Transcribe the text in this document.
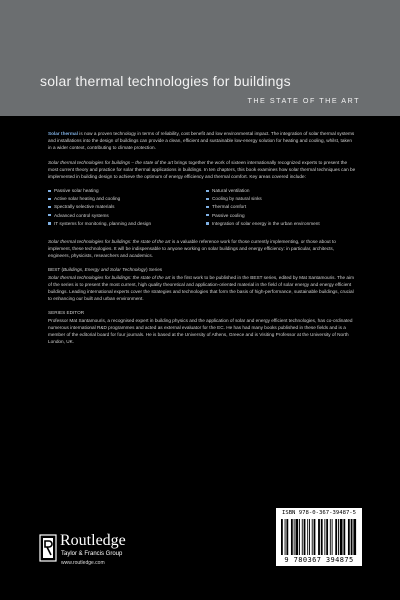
solar thermal technologies for buildings
THE STATE OF THE ART

Solar thermal is now a proven technology in terms of reliability, cost benefit and low environmental impact. The integration of solar thermal systems and installations into the design of buildings can provide a clean, efficient and sustainable low-energy solution for heating and cooling, whilst, taken in a wider context, contributing to climate protection.

Solar thermal technologies for buildings – the state of the art brings together the work of sixteen internationally recognized experts to present the most current theory and practice for solar thermal applications in buildings. In ten chapters, this book examines how solar thermal techniques can be implemented in building design to achieve the optimum of energy efficiency and thermal comfort. Key areas covered include:

Passive solar heating
Active solar heating and cooling
Spectrally selective materials
Advanced control systems
IT systems for monitoring, planning and design
Natural ventilation
Cooling by natural sinks
Thermal comfort
Passive cooling
Integration of solar energy in the urban environment

Solar thermal technologies for buildings: the state of the art is a valuable reference work for those currently implementing, or those about to implement, these technologies. It will be indispensable to anyone working on solar buildings and energy efficiency: in particular, architects, engineers, physicists, researchers and academics.

BEST (Buildings, Energy and Solar Technology) Series

Solar thermal technologies for buildings: the state of the art is the first work to be published in the BEST series, edited by Mat Santamouris. The aim of the series is to present the most current, high quality theoretical and application-oriented material in the field of solar energy and energy efficient buildings. Leading international experts cover the strategies and technologies that form the basis of high-performance, sustainable buildings, crucial to enhancing our built and urban environment.

SERIES EDITOR

Professor Mat Santamouris, a recognised expert in building physics and the application of solar and energy efficient technologies, has co-ordinated numerous international R&D programmes and acted as external evaluator for the EC. He has had many books published in these fields and is a member of the editorial board for four journals. He is based at the University of Athens, Greece and is Visiting Professor at the University of North London, UK.

ISBN 978-0-367-39487-5
9 780367 394875
Routledge
Taylor & Francis Group
www.routledge.com
